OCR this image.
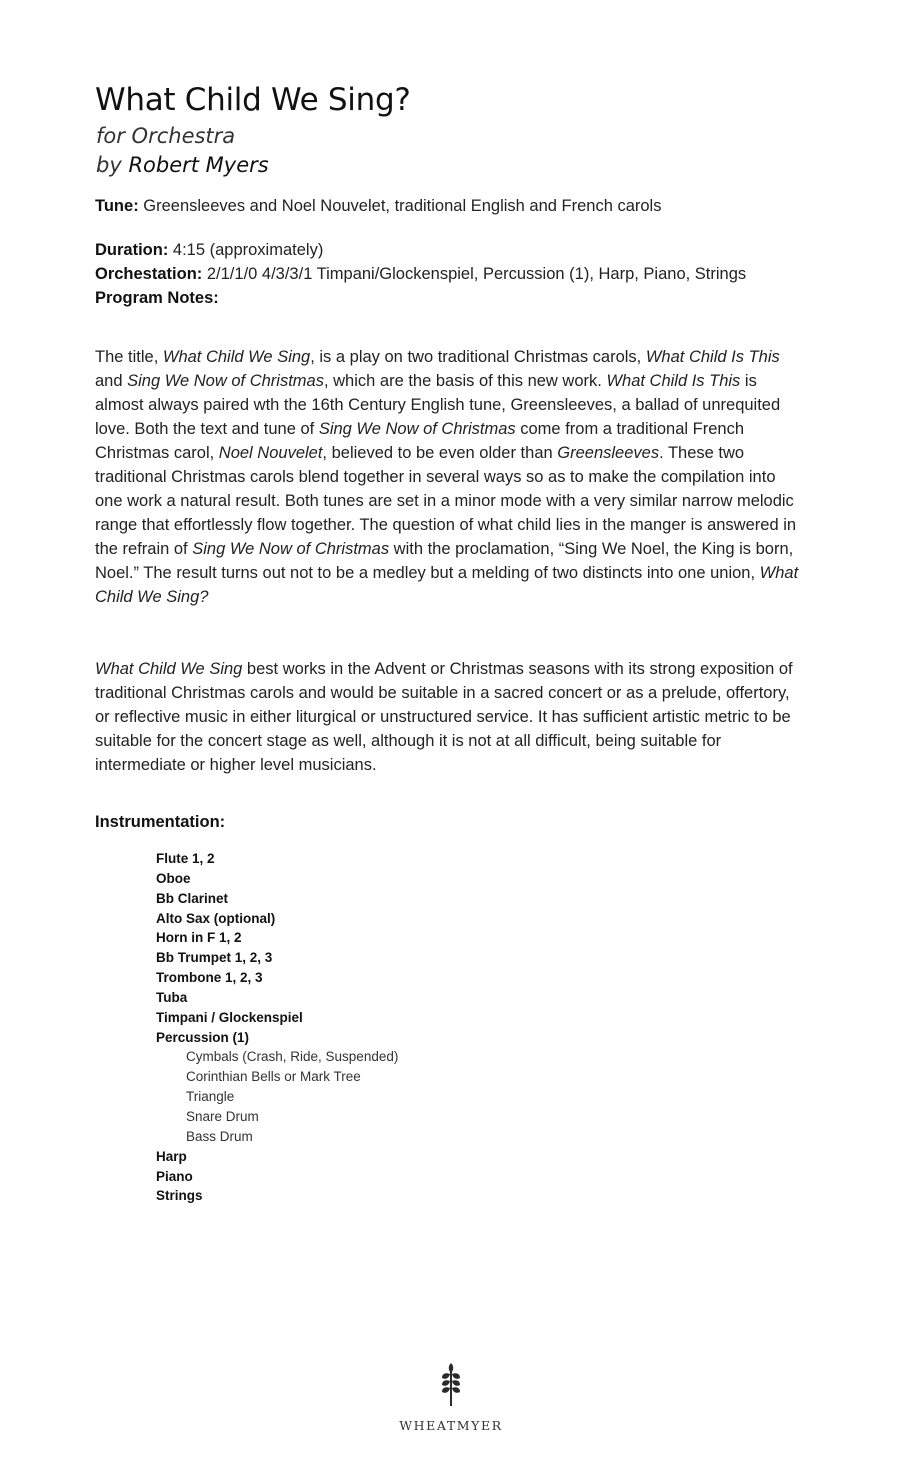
What Child We Sing?
for Orchestra
by Robert Myers
Tune: Greensleeves and Noel Nouvelet, traditional English and French carols
Duration: 4:15 (approximately)
Orchestation: 2/1/1/0 4/3/3/1 Timpani/Glockenspiel, Percussion (1), Harp, Piano, Strings
Program Notes:

The title, What Child We Sing, is a play on two traditional Christmas carols, What Child Is This and Sing We Now of Christmas, which are the basis of this new work. What Child Is This is almost always paired wth the 16th Century English tune, Greensleeves, a ballad of unrequited love. Both the text and tune of Sing We Now of Christmas come from a traditional French Christmas carol, Noel Nouvelet, believed to be even older than Greensleeves. These two traditional Christmas carols blend together in several ways so as to make the compilation into one work a natural result. Both tunes are set in a minor mode with a very similar narrow melodic range that effortlessly flow together. The question of what child lies in the manger is answered in the refrain of Sing We Now of Christmas with the proclamation, “Sing We Noel, the King is born, Noel.” The result turns out not to be a medley but a melding of two distincts into one union, What Child We Sing?

What Child We Sing best works in the Advent or Christmas seasons with its strong exposition of traditional Christmas carols and would be suitable in a sacred concert or as a prelude, offertory, or reflective music in either liturgical or unstructured service. It has sufficient artistic metric to be suitable for the concert stage as well, although it is not at all difficult, being suitable for intermediate or higher level musicians.

Instrumentation:
Flute 1, 2
Oboe
Bb Clarinet
Alto Sax (optional)
Horn in F 1, 2
Bb Trumpet 1, 2, 3
Trombone 1, 2, 3
Tuba
Timpani / Glockenspiel
Percussion (1)
Cymbals (Crash, Ride, Suspended)
Corinthian Bells or Mark Tree
Triangle
Snare Drum
Bass Drum
Harp
Piano
Strings
WHEATMYER
